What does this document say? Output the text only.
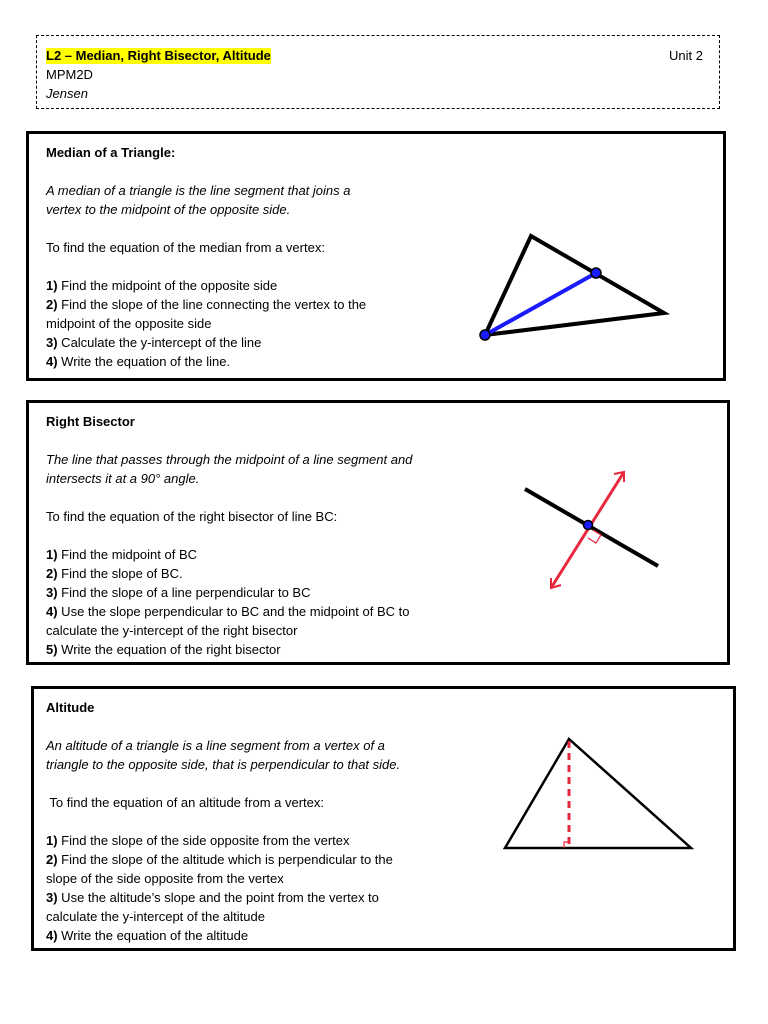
L2 – Median, Right Bisector, Altitude
MPM2D
Jensen
Unit 2
Median of a Triangle:
A median of a triangle is the line segment that joins a
vertex to the midpoint of the opposite side.
To find the equation of the median from a vertex:
1) Find the midpoint of the opposite side
2) Find the slope of the line connecting the vertex to the
midpoint of the opposite side
3) Calculate the y-intercept of the line
4) Write the equation of the line.
Right Bisector
The line that passes through the midpoint of a line segment and
intersects it at a 90° angle.
To find the equation of the right bisector of line BC:
1) Find the midpoint of BC
2) Find the slope of BC.
3) Find the slope of a line perpendicular to BC
4) Use the slope perpendicular to BC and the midpoint of BC to
calculate the y-intercept of the right bisector
5) Write the equation of the right bisector
Altitude
An altitude of a triangle is a line segment from a vertex of a
triangle to the opposite side, that is perpendicular to that side.
To find the equation of an altitude from a vertex:
1) Find the slope of the side opposite from the vertex
2) Find the slope of the altitude which is perpendicular to the
slope of the side opposite from the vertex
3) Use the altitude’s slope and the point from the vertex to
calculate the y-intercept of the altitude
4) Write the equation of the altitude
